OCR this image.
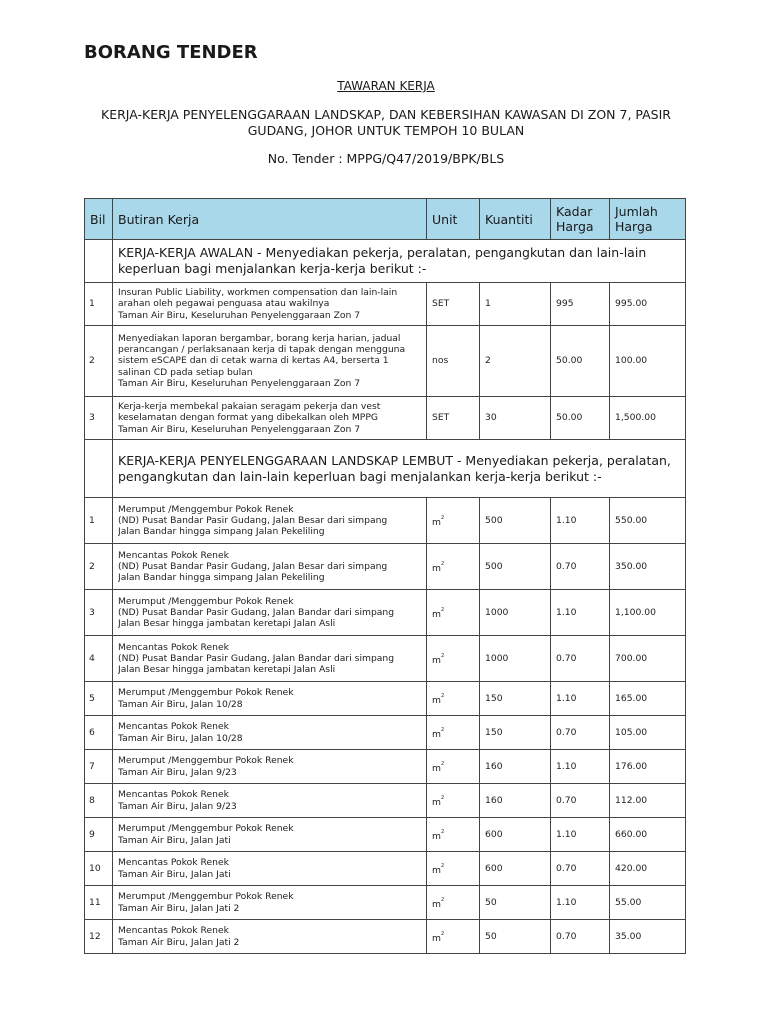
BORANG TENDER
TAWARAN KERJA
KERJA-KERJA PENYELENGGARAAN LANDSKAP, DAN KEBERSIHAN KAWASAN DI ZON 7, PASIR
GUDANG, JOHOR UNTUK TEMPOH 10 BULAN
No. Tender : MPPG/Q47/2019/BPK/BLS
Bil	Butiran Kerja	Unit	Kuantiti	Kadar Harga	Jumlah Harga
	KERJA-KERJA AWALAN - Menyediakan pekerja, peralatan, pengangkutan dan lain-lain keperluan bagi menjalankan kerja-kerja berikut :-				
1	Insuran Public Liability, workmen compensation dan lain-lain
arahan oleh pegawai penguasa atau wakilnya
Taman Air Biru, Keseluruhan Penyelenggaraan Zon 7	SET	1	995	995.00
2	Menyediakan laporan bergambar, borang kerja harian, jadual
perancangan / perlaksanaan kerja di tapak dengan mengguna
sistem eSCAPE dan di cetak warna di kertas A4, berserta 1
salinan CD pada setiap bulan
Taman Air Biru, Keseluruhan Penyelenggaraan Zon 7	nos	2	50.00	100.00
3	Kerja-kerja membekal pakaian seragam pekerja dan vest
keselamatan dengan format yang dibekalkan oleh MPPG
Taman Air Biru, Keseluruhan Penyelenggaraan Zon 7	SET	30	50.00	1,500.00
	KERJA-KERJA PENYELENGGARAAN LANDSKAP LEMBUT - Menyediakan pekerja, peralatan, pengangkutan dan lain-lain keperluan bagi menjalankan kerja-kerja berikut :-				
1	Merumput /Menggembur Pokok Renek
(ND) Pusat Bandar Pasir Gudang, Jalan Besar dari simpang
Jalan Bandar hingga simpang Jalan Pekeliling	$m^2$	500	1.10	550.00
2	Mencantas Pokok Renek
(ND) Pusat Bandar Pasir Gudang, Jalan Besar dari simpang
Jalan Bandar hingga simpang Jalan Pekeliling	$m^2$	500	0.70	350.00
3	Merumput /Menggembur Pokok Renek
(ND) Pusat Bandar Pasir Gudang, Jalan Bandar dari simpang
Jalan Besar hingga jambatan keretapi Jalan Asli	$m^2$	1000	1.10	1,100.00
4	Mencantas Pokok Renek
(ND) Pusat Bandar Pasir Gudang, Jalan Bandar dari simpang
Jalan Besar hingga jambatan keretapi Jalan Asli	$m^2$	1000	0.70	700.00
5	Merumput /Menggembur Pokok Renek
Taman Air Biru, Jalan 10/28	$m^2$	150	1.10	165.00
6	Mencantas Pokok Renek
Taman Air Biru, Jalan 10/28	$m^2$	150	0.70	105.00
7	Merumput /Menggembur Pokok Renek
Taman Air Biru, Jalan 9/23	$m^2$	160	1.10	176.00
8	Mencantas Pokok Renek
Taman Air Biru, Jalan 9/23	$m^2$	160	0.70	112.00
9	Merumput /Menggembur Pokok Renek
Taman Air Biru, Jalan Jati	$m^2$	600	1.10	660.00
10	Mencantas Pokok Renek
Taman Air Biru, Jalan Jati	$m^2$	600	0.70	420.00
11	Merumput /Menggembur Pokok Renek
Taman Air Biru, Jalan Jati 2	$m^2$	50	1.10	55.00
12	Mencantas Pokok Renek
Taman Air Biru, Jalan Jati 2	$m^2$	50	0.70	35.00
